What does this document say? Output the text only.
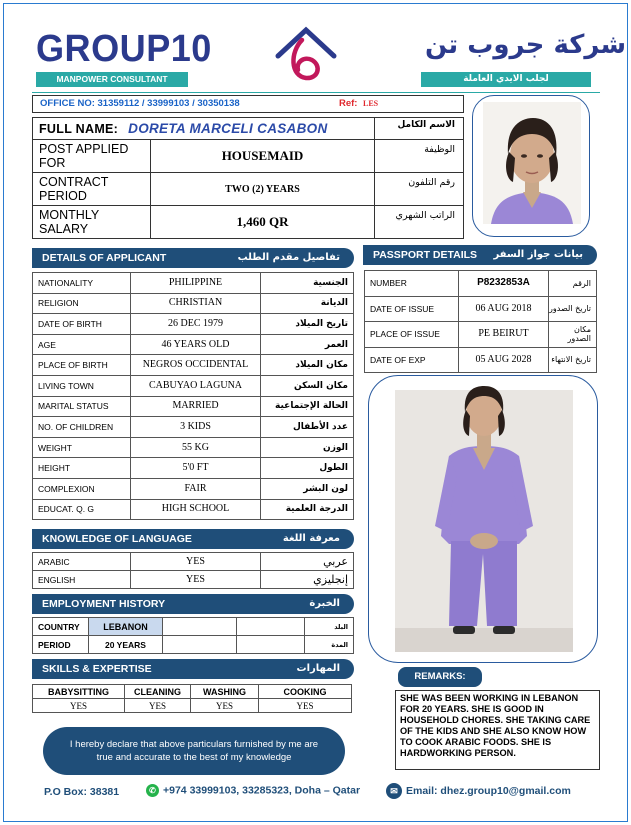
GROUP10
MANPOWER CONSULTANT
شركة جروب تن
لجلب الايدي العاملة
OFFICE NO: 31359112 / 33999103 / 30350138	Ref: LES
FULL NAME: DORETA MARCELI CASABON		الاسم الكامل
POST APPLIED FOR	HOUSEMAID	الوظيفة
CONTRACT PERIOD	TWO (2) YEARS	رقم التلفون
MONTHLY SALARY	1,460 QR	الراتب الشهري
DETAILS OF APPLICANT	تفاصيل مقدم الطلب
NATIONALITY	PHILIPPINE	الجنسية
RELIGION	CHRISTIAN	الديانة
DATE OF BIRTH	26 DEC 1979	تاريخ الميلاد
AGE	46 YEARS OLD	العمر
PLACE OF BIRTH	NEGROS OCCIDENTAL	مكان الميلاد
LIVING TOWN	CABUYAO LAGUNA	مكان السكن
MARITAL STATUS	MARRIED	الحالة الإجتماعية
NO. OF CHILDREN	3 KIDS	عدد الأطفال
WEIGHT	55 KG	الوزن
HEIGHT	5'0 FT	الطول
COMPLEXION	FAIR	لون البشر
EDUCAT. Q. G	HIGH SCHOOL	الدرجة العلمية
PASSPORT DETAILS بيانات جواز السفر
NUMBER	P8232853A	الرقم
DATE OF ISSUE	06 AUG 2018	تاريخ الصدور
PLACE OF ISSUE	PE BEIRUT	مكان الصدور
DATE OF EXP	05 AUG 2028	تاريخ الانتهاء
KNOWLEDGE OF LANGUAGE	معرفة اللغة
ARABIC	YES	عربي
ENGLISH	YES	إنجليزي
EMPLOYMENT HISTORY	الخبرة
COUNTRY	LEBANON			البلد
PERIOD	20 YEARS			المدة
SKILLS & EXPERTISE	المهارات
BABYSITTING	CLEANING	WASHING	COOKING
YES	YES	YES	YES
REMARKS:
SHE WAS BEEN WORKING IN LEBANON FOR 20 YEARS. SHE IS GOOD IN HOUSEHOLD CHORES. SHE TAKING CARE OF THE KIDS AND SHE ALSO KNOW HOW TO COOK ARABIC FOODS. SHE IS HARDWORKING PERSON.
I hereby declare that above particulars furnished by me are
true and accurate to the best of my knowledge
P.O Box: 38381	✆ +974 33999103, 33285323, Doha – Qatar	✉ Email: dhez.group10@gmail.com
